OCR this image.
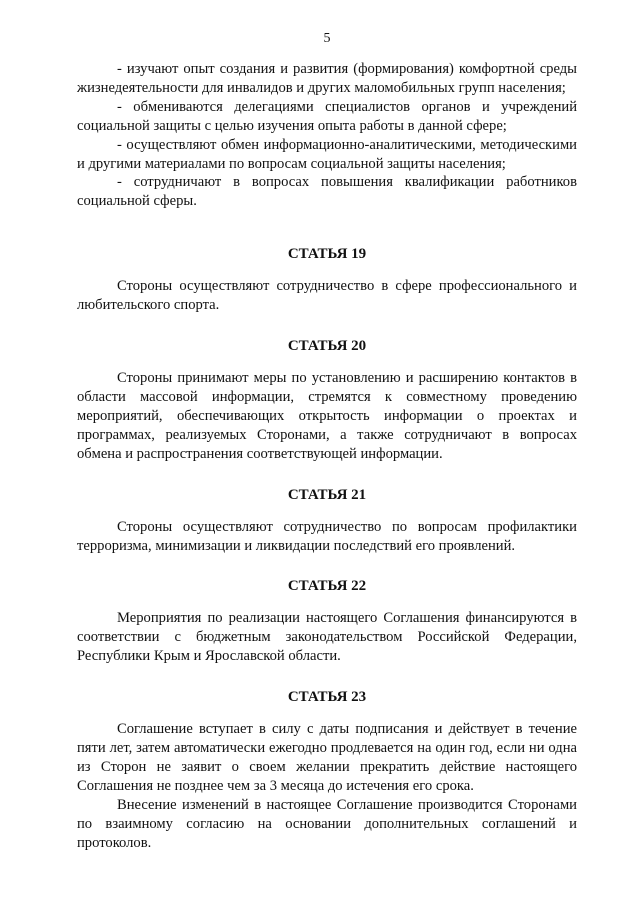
5

- изучают опыт создания и развития (формирования) комфортной среды жизнедеятельности для инвалидов и других маломобильных групп населения;

- обмениваются делегациями специалистов органов и учреждений социальной защиты с целью изучения опыта работы в данной сфере;

- осуществляют обмен информационно-аналитическими, методическими и другими материалами по вопросам социальной защиты населения;

- сотрудничают в вопросах повышения квалификации работников социальной сферы.

СТАТЬЯ 19

Стороны осуществляют сотрудничество в сфере профессионального и любительского спорта.

СТАТЬЯ 20

Стороны принимают меры по установлению и расширению контактов в области массовой информации, стремятся к совместному проведению мероприятий, обеспечивающих открытость информации о проектах и программах, реализуемых Сторонами, а также сотрудничают в вопросах обмена и распространения соответствующей информации.

СТАТЬЯ 21

Стороны осуществляют сотрудничество по вопросам профилактики терроризма, минимизации и ликвидации последствий его проявлений.

СТАТЬЯ 22

Мероприятия по реализации настоящего Соглашения финансируются в соответствии с бюджетным законодательством Российской Федерации, Республики Крым и Ярославской области.

СТАТЬЯ 23

Соглашение вступает в силу с даты подписания и действует в течение пяти лет, затем автоматически ежегодно продлевается на один год, если ни одна из Сторон не заявит о своем желании прекратить действие настоящего Соглашения не позднее чем за 3 месяца до истечения его срока.

Внесение изменений в настоящее Соглашение производится Сторонами по взаимному согласию на основании дополнительных соглашений и протоколов.
